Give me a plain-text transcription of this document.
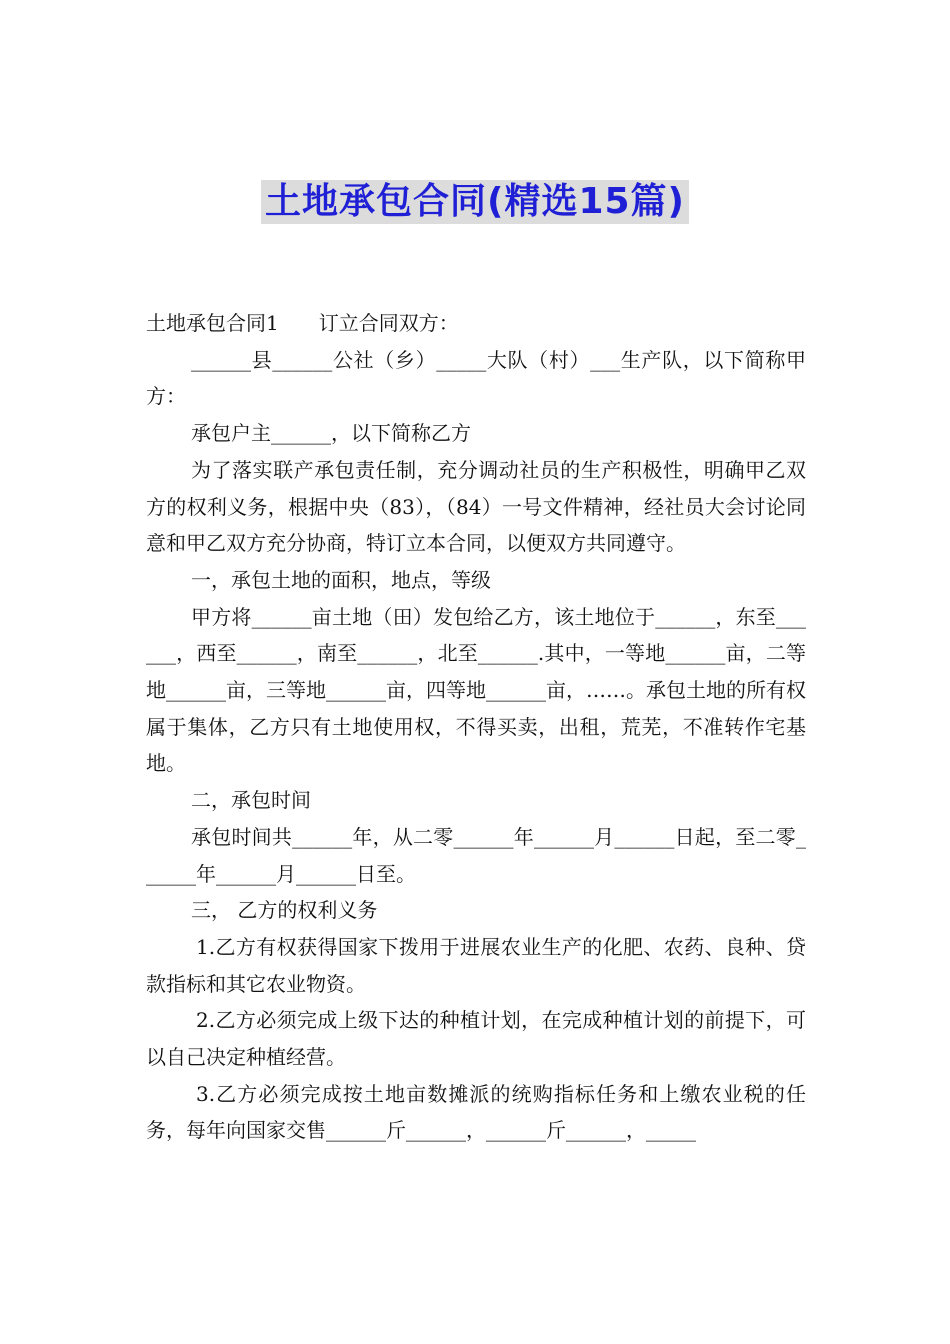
土地承包合同(精选15篇)

土地承包合同1　　订立合同双方：

______县______公社（乡）_____大队（村）___生产队，以下简称甲方：

承包户主______，以下简称乙方

为了落实联产承包责任制，充分调动社员的生产积极性，明确甲乙双方的权利义务，根据中央（83），（84）一号文件精神，经社员大会讨论同意和甲乙双方充分协商，特订立本合同，以便双方共同遵守。

一，承包土地的面积，地点，等级

甲方将______亩土地（田）发包给乙方，该土地位于______，东至______，西至______，南至______，北至______.其中，一等地______亩，二等地______亩，三等地______亩，四等地______亩，……。承包土地的所有权属于集体，乙方只有土地使用权，不得买卖，出租，荒芜，不准转作宅基地。

二，承包时间

承包时间共______年，从二零______年______月______日起，至二零______年______月______日至。

三， 乙方的权利义务

1.乙方有权获得国家下拨用于进展农业生产的化肥、农药、良种、贷款指标和其它农业物资。

2.乙方必须完成上级下达的种植计划，在完成种植计划的前提下，可以自己决定种植经营。

3.乙方必须完成按土地亩数摊派的统购指标任务和上缴农业税的任务，每年向国家交售______斤______，______斤______，_____
